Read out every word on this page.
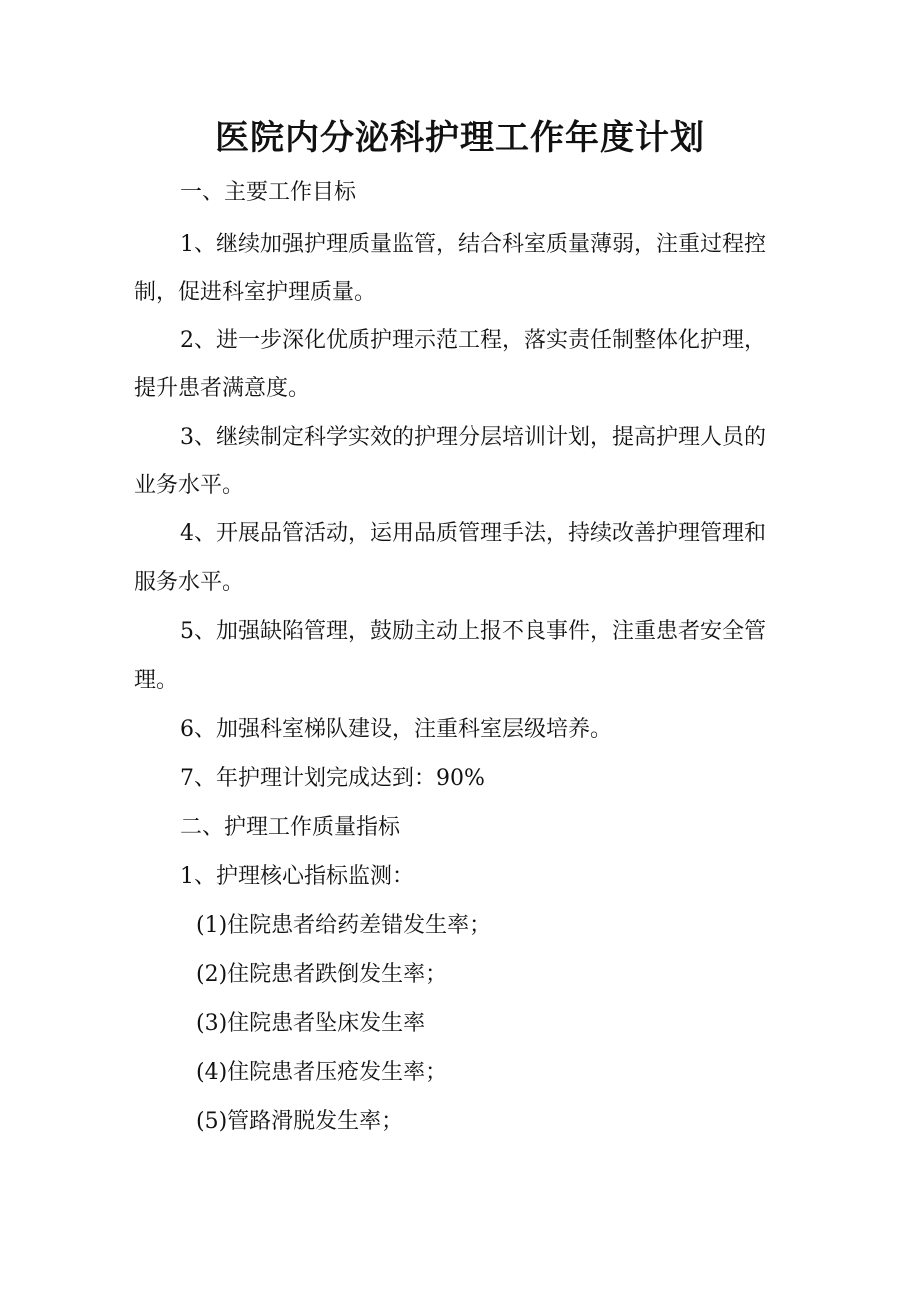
医院内分泌科护理工作年度计划
一、主要工作目标
1、继续加强护理质量监管，结合科室质量薄弱，注重过程控
制，促进科室护理质量。
2、进一步深化优质护理示范工程，落实责任制整体化护理，
提升患者满意度。
3、继续制定科学实效的护理分层培训计划，提高护理人员的
业务水平。
4、开展品管活动，运用品质管理手法，持续改善护理管理和
服务水平。
5、加强缺陷管理，鼓励主动上报不良事件，注重患者安全管
理。
6、加强科室梯队建设，注重科室层级培养。
7、年护理计划完成达到：90%
二、护理工作质量指标
1、护理核心指标监测：
(1)住院患者给药差错发生率；
(2)住院患者跌倒发生率；
(3)住院患者坠床发生率
(4)住院患者压疮发生率；
(5)管路滑脱发生率；
